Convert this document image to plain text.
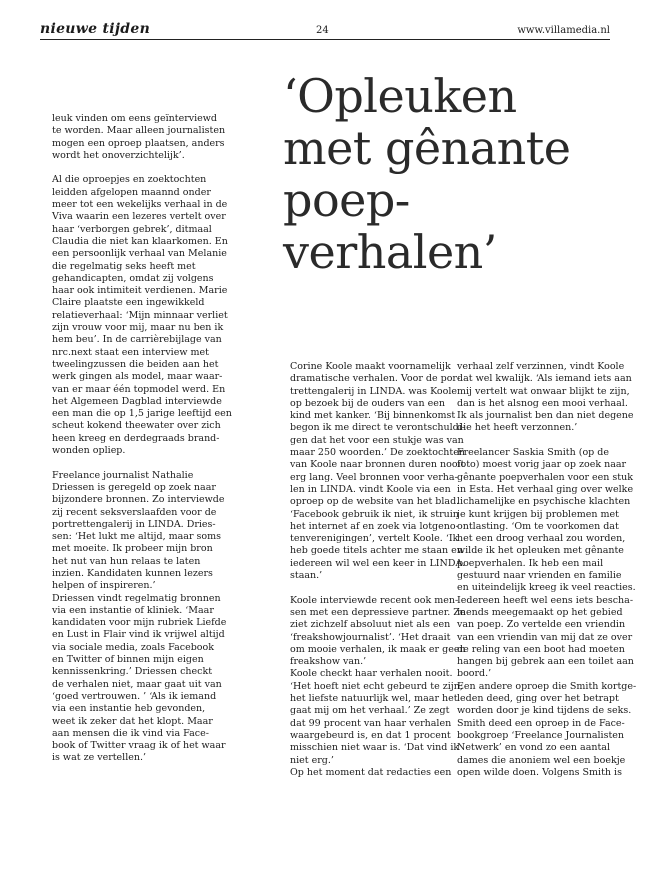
nieuwe tijden	24	www.villamedia.nl
‘Opleuken
met gênante
poep-
verhalen’

leuk vinden om eens geïnterviewd
te worden. Maar alleen journalisten
mogen een oproep plaatsen, anders
wordt het onoverzichtelijk’.

Al die oproepjes en zoektochten
leidden afgelopen maannd onder
meer tot een wekelijks verhaal in de
Viva waarin een lezeres vertelt over
haar ‘verborgen gebrek’, ditmaal
Claudia die niet kan klaarkomen. En
een persoonlijk verhaal van Melanie
die regelmatig seks heeft met
gehandicapten, omdat zij volgens
haar ook intimiteit verdienen. Marie
Claire plaatste een ingewikkeld
relatieverhaal: ‘Mijn minnaar verliet
zijn vrouw voor mij, maar nu ben ik
hem beu’. In de carrièrebijlage van
nrc.next staat een interview met
tweelingzussen die beiden aan het
werk gingen als model, maar waar-
van er maar één topmodel werd. En
het Algemeen Dagblad interviewde
een man die op 1,5 jarige leeftijd een
scheut kokend theewater over zich
heen kreeg en derdegraads brand-
wonden opliep.

Freelance journalist Nathalie
Driessen is geregeld op zoek naar
bijzondere bronnen. Zo interviewde
zij recent seksverslaafden voor de
portrettengalerij in LINDA. Dries-
sen: ‘Het lukt me altijd, maar soms
met moeite. Ik probeer mijn bron
het nut van hun relaas te laten
inzien. Kandidaten kunnen lezers
helpen of inspireren.’
Driessen vindt regelmatig bronnen
via een instantie of kliniek. ‘Maar
kandidaten voor mijn rubriek Liefde
en Lust in Flair vind ik vrijwel altijd
via sociale media, zoals Facebook
en Twitter of binnen mijn eigen
kennissenkring.’ Driessen checkt
de verhalen niet, maar gaat uit van
‘goed vertrouwen. ’ ‘Als ik iemand
via een instantie heb gevonden,
weet ik zeker dat het klopt. Maar
aan mensen die ik vind via Face-
book of Twitter vraag ik of het waar
is wat ze vertellen.’

Corine Koole maakt voornamelijk
dramatische verhalen. Voor de por-
trettengalerij in LINDA. was Koole
op bezoek bij de ouders van een
kind met kanker. ‘Bij binnenkomst
begon ik me direct te verontschuldi-
gen dat het voor een stukje was van
maar 250 woorden.’ De zoektochten
van Koole naar bronnen duren nooit
erg lang. Veel bronnen voor verha-
len in LINDA. vindt Koole via een
oproep op de website van het blad.
‘Facebook gebruik ik niet, ik struin
het internet af en zoek via lotgeno-
tenverenigingen’, vertelt Koole. ‘Ik
heb goede titels achter me staan en
iedereen wil wel een keer in LINDA.
staan.’

Koole interviewde recent ook men-
sen met een depressieve partner. Ze
ziet zichzelf absoluut niet als een
‘freakshowjournalist’. ‘Het draait
om mooie verhalen, ik maak er geen
freakshow van.’
Koole checkt haar verhalen nooit.
‘Het hoeft niet echt gebeurd te zijn,
het liefste natuurlijk wel, maar het
gaat mij om het verhaal.’ Ze zegt
dat 99 procent van haar verhalen
waargebeurd is, en dat 1 procent
misschien niet waar is. ‘Dat vind ik
niet erg.’
Op het moment dat redacties een

verhaal zelf verzinnen, vindt Koole
dat wel kwalijk. ‘Als iemand iets aan
mij vertelt wat onwaar blijkt te zijn,
dan is het alsnog een mooi verhaal.
Ik als journalist ben dan niet degene
die het heeft verzonnen.’

Freelancer Saskia Smith (op de
foto) moest vorig jaar op zoek naar
gênante poepverhalen voor een stuk
in Esta. Het verhaal ging over welke
lichamelijke en psychische klachten
je kunt krijgen bij problemen met
ontlasting. ‘Om te voorkomen dat
het een droog verhaal zou worden,
wilde ik het opleuken met gênante
poepverhalen. Ik heb een mail
gestuurd naar vrienden en familie
en uiteindelijk kreeg ik veel reacties.
Iedereen heeft wel eens iets beschа-
mends meegemaakt op het gebied
van poep. Zo vertelde een vriendin
van een vriendin van mij dat ze over
de reling van een boot had moeten
hangen bij gebrek aan een toilet aan
boord.’
Een andere oproep die Smith kortge-
leden deed, ging over het betrapt
worden door je kind tijdens de seks.
Smith deed een oproep in de Face-
bookgroep ‘Freelance Journalisten
Netwerk’ en vond zo een aantal
dames die anoniem wel een boekje
open wilde doen. Volgens Smith is
